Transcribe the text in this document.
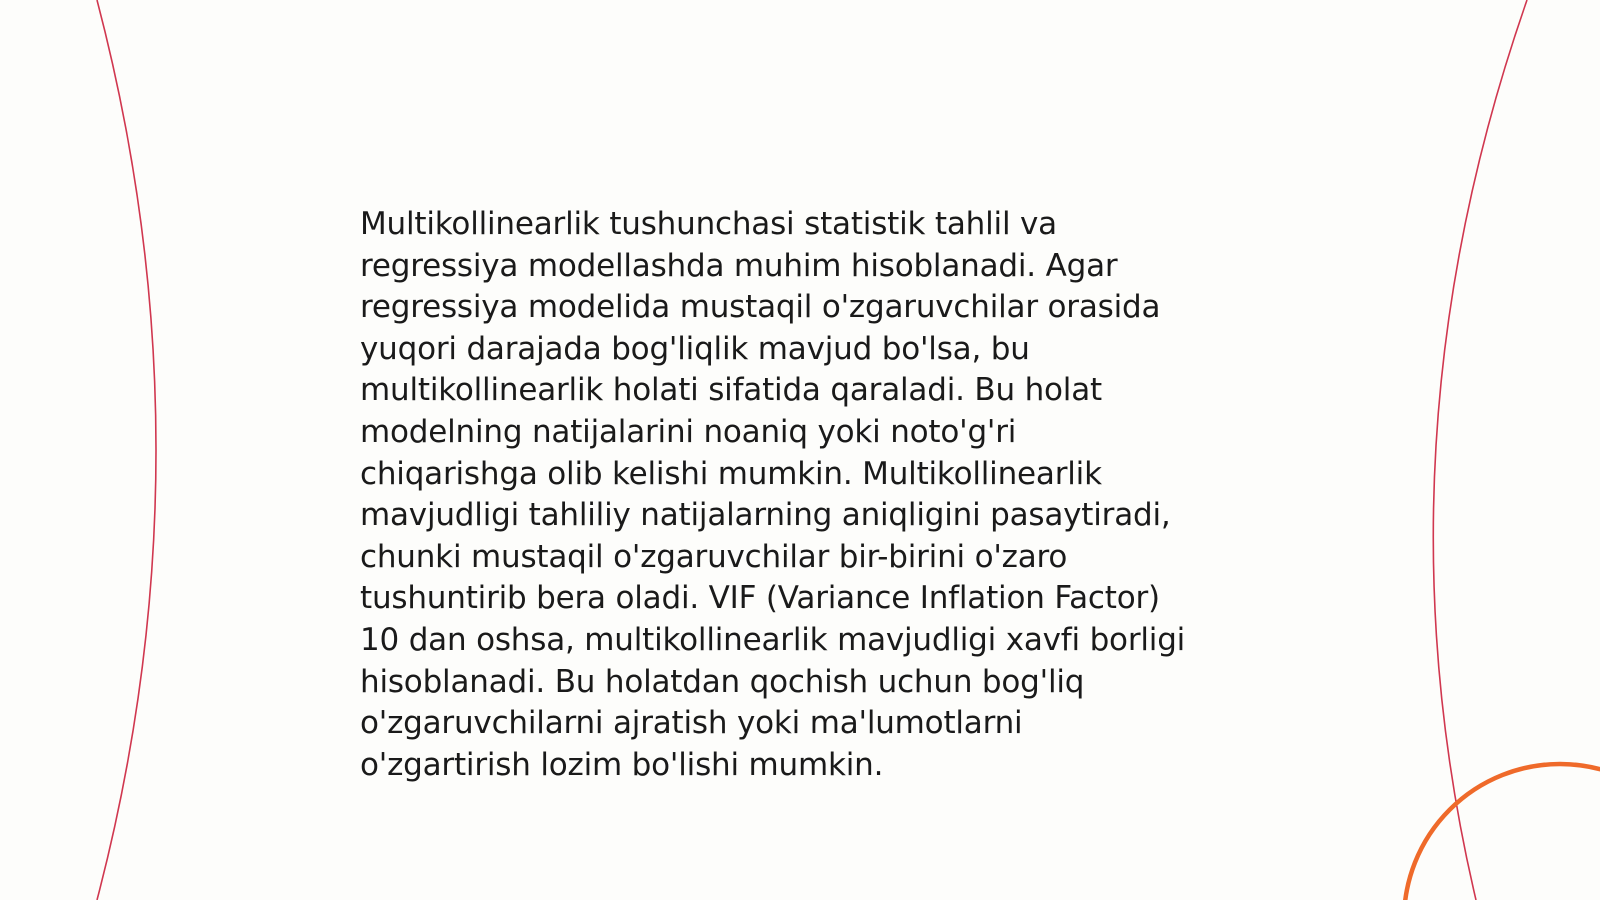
Multikollinearlik tushunchasi statistik tahlil va
regressiya modellashda muhim hisoblanadi. Agar
regressiya modelida mustaqil o'zgaruvchilar orasida
yuqori darajada bog'liqlik mavjud bo'lsa, bu
multikollinearlik holati sifatida qaraladi. Bu holat
modelning natijalarini noaniq yoki noto'g'ri
chiqarishga olib kelishi mumkin. Multikollinearlik
mavjudligi tahliliy natijalarning aniqligini pasaytiradi,
chunki mustaqil o'zgaruvchilar bir-birini o'zaro
tushuntirib bera oladi. VIF (Variance Inflation Factor)
10 dan oshsa, multikollinearlik mavjudligi xavfi borligi
hisoblanadi. Bu holatdan qochish uchun bog'liq
o'zgaruvchilarni ajratish yoki ma'lumotlarni
o'zgartirish lozim bo'lishi mumkin.
